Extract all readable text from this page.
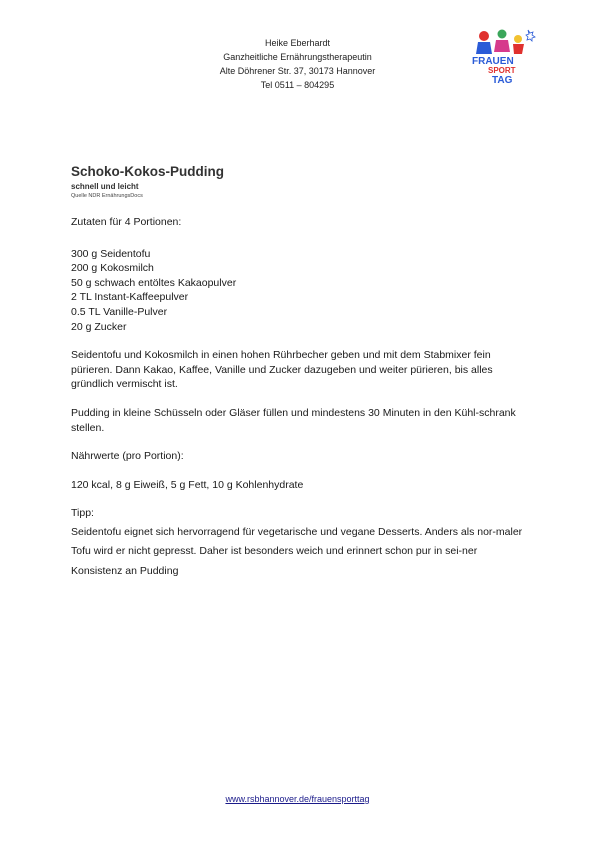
Heike Eberhardt
Ganzheitliche Ernährungstherapeutin
Alte Döhrener Str. 37, 30173 Hannover
Tel 0511 – 804295
FRAUEN
SPORT
TAG
Schoko-Kokos-Pudding
schnell und leicht
Quelle NDR ErnährungsDocs
Zutaten für 4 Portionen:
300 g Seidentofu
200 g Kokosmilch
50 g schwach entöltes Kakaopulver
2 TL Instant-Kaffeepulver
0.5 TL Vanille-Pulver
20 g Zucker
Seidentofu und Kokosmilch in einen hohen Rührbecher geben und mit dem Stabmixer fein pürieren. Dann Kakao, Kaffee, Vanille und Zucker dazugeben und weiter pürieren, bis alles gründlich vermischt ist.
Pudding in kleine Schüsseln oder Gläser füllen und mindestens 30 Minuten in den Kühl-schrank stellen.
Nährwerte (pro Portion):
120 kcal, 8 g Eiweiß, 5 g Fett, 10 g Kohlenhydrate
Tipp:
Seidentofu eignet sich hervorragend für vegetarische und vegane Desserts. Anders als nor-maler Tofu wird er nicht gepresst. Daher ist besonders weich und erinnert schon pur in sei-ner Konsistenz an Pudding
www.rsbhannover.de/frauensporttag
